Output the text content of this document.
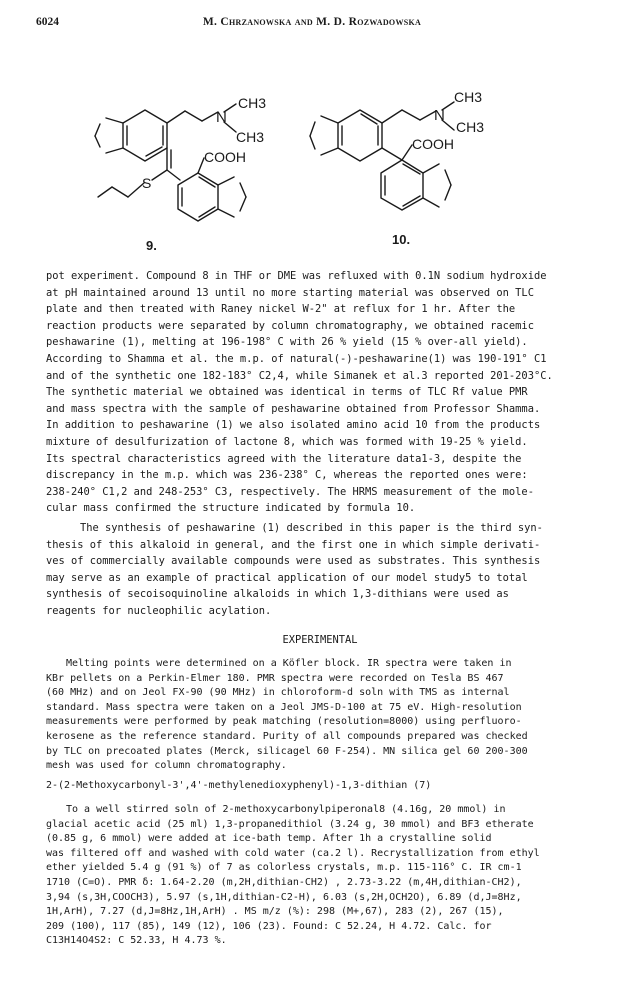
6024	M. Chrzanowska and M. D. Rozwadowska
N	N
CH3
CH3
COOH
S
CH3
CH3
COOH
9.	10.
pot experiment. Compound 8 in THF or DME was refluxed with 0.1N sodium hydroxide
at pH maintained around 13 until no more starting material was observed on TLC
plate and then treated with Raney nickel W-2" at reflux for 1 hr. After the
reaction products were separated by column chromatography, we obtained racemic
peshawarine (1), melting at 196-198° C with 26 % yield (15 % over-all yield).
According to Shamma et al. the m.p. of natural(-)-peshawarine(1) was 190-191° C1
and of the synthetic one 182-183° C2,4, while Simanek et al.3 reported 201-203°C.
The synthetic material we obtained was identical in terms of TLC Rf value PMR
and mass spectra with the sample of peshawarine obtained from Professor Shamma.
In addition to peshawarine (1) we also isolated amino acid 10 from the products
mixture of desulfurization of lactone 8, which was formed with 19-25 % yield.
Its spectral characteristics agreed with the literature data1-3, despite the
discrepancy in the m.p. which was 236-238° C, whereas the reported ones were:
238-240° C1,2 and 248-253° C3, respectively. The HRMS measurement of the mole-
cular mass confirmed the structure indicated by formula 10.
The synthesis of peshawarine (1) described in this paper is the third syn-
thesis of this alkaloid in general, and the first one in which simple derivati-
ves of commercially available compounds were used as substrates. This synthesis
may serve as an example of practical application of our model study5 to total
synthesis of secoisoquinoline alkaloids in which 1,3-dithians were used as
reagents for nucleophilic acylation.
EXPERIMENTAL
Melting points were determined on a Köfler block. IR spectra were taken in
KBr pellets on a Perkin-Elmer 180. PMR spectra were recorded on Tesla BS 467
(60 MHz) and on Jeol FX-90 (90 MHz) in chloroform-d soln with TMS as internal
standard. Mass spectra were taken on a Jeol JMS-D-100 at 75 eV. High-resolution
measurements were performed by peak matching (resolution=8000) using perfluoro-
kerosene as the reference standard. Purity of all compounds prepared was checked
by TLC on precoated plates (Merck, silicagel 60 F-254). MN silica gel 60 200-300
mesh was used for column chromatography.
2-(2-Methoxycarbonyl-3',4'-methylenedioxyphenyl)-1,3-dithian (7)
To a well stirred soln of 2-methoxycarbonylpiperonal8 (4.16g, 20 mmol) in
glacial acetic acid (25 ml) 1,3-propanedithiol (3.24 g, 30 mmol) and BF3 etherate
(0.85 g, 6 mmol) were added at ice-bath temp. After 1h a crystalline solid
was filtered off and washed with cold water (ca.2 l). Recrystallization from ethyl
ether yielded 5.4 g (91 %) of 7 as colorless crystals, m.p. 115-116° C. IR cm-1
1710 (C=O). PMR δ: 1.64-2.20 (m,2H,dithian-CH2) , 2.73-3.22 (m,4H,dithian-CH2),
3,94 (s,3H,COOCH3), 5.97 (s,1H,dithian-C2-H), 6.03 (s,2H,OCH2O), 6.89 (d,J=8Hz,
1H,ArH), 7.27 (d,J=8Hz,1H,ArH) . MS m/z (%): 298 (M+,67), 283 (2), 267 (15),
209 (100), 117 (85), 149 (12), 106 (23). Found: C 52.24, H 4.72. Calc. for
C13H14O4S2: C 52.33, H 4.73 %.
